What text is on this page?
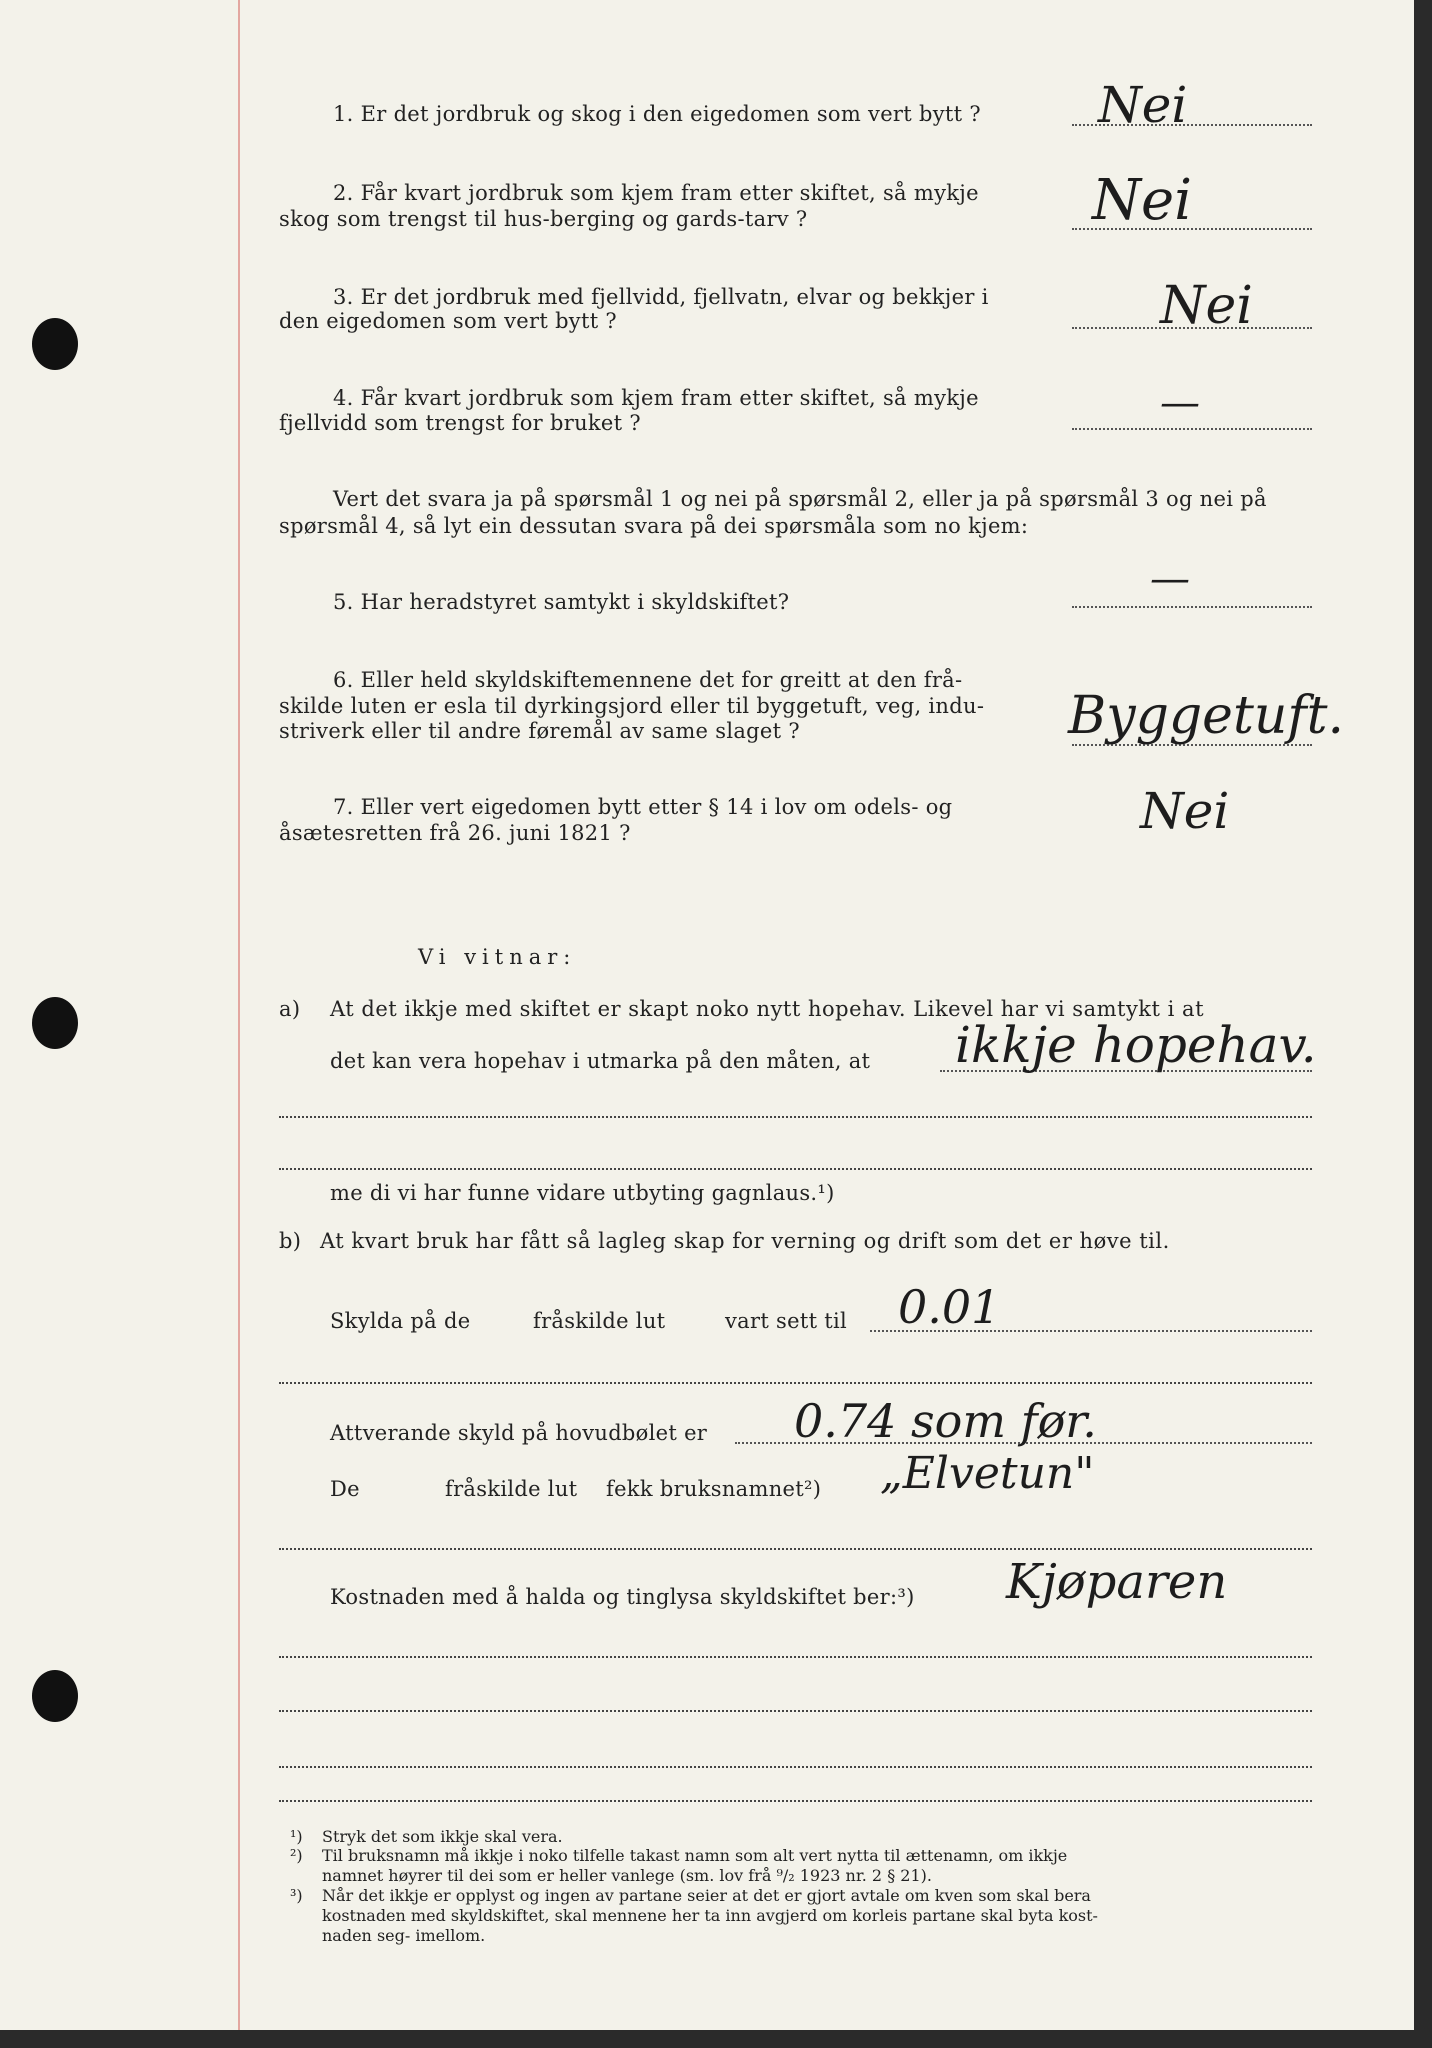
1. Er det jordbruk og skog i den eigedomen som vert bytt ? Nei
2. Får kvart jordbruk som kjem fram etter skiftet, så mykje
skog som trengst til hus-berging og gards-tarv ?	Nei
3. Er det jordbruk med fjellvidd, fjellvatn, elvar og bekkjer i
den eigedomen som vert bytt ?	Nei
4. Får kvart jordbruk som kjem fram etter skiftet, så mykje
fjellvidd som trengst for bruket ?	—
Vert det svara ja på spørsmål 1 og nei på spørsmål 2, eller ja på spørsmål 3 og nei på
spørsmål 4, så lyt ein dessutan svara på dei spørsmåla som no kjem:
5. Har heradstyret samtykt i skyldskiftet?	—
6. Eller held skyldskiftemennene det for greitt at den frå-
skilde luten er esla til dyrkingsjord eller til byggetuft, veg, indu-
striverk eller til andre føremål av same slaget ?	Byggetuft.
7. Eller vert eigedomen bytt etter § 14 i lov om odels- og
åsætesretten frå 26. juni 1821 ?	Nei
Vi vitnar:
a) At det ikkje med skiftet er skapt noko nytt hopehav. Likevel har vi samtykt i at
det kan vera hopehav i utmarka på den måten, at ikkje hopehav.
me di vi har funne vidare utbyting gagnlaus.¹)
b) At kvart bruk har fått så lagleg skap for verning og drift som det er høve til.
Skylda på de	fråskilde lut	vart sett til 0.01
Attverande skyld på hovudbølet er 0.74 som før.
De	fråskilde lut fekk bruksnamnet²) „Elvetun"
Kostnaden med å halda og tinglysa skyldskiftet ber:³) Kjøparen
¹) Stryk det som ikkje skal vera.
²) Til bruksnamn må ikkje i noko tilfelle takast namn som alt vert nytta til ættenamn, om ikkje
namnet høyrer til dei som er heller vanlege (sm. lov frå ⁹/₂ 1923 nr. 2 § 21).
³) Når det ikkje er opplyst og ingen av partane seier at det er gjort avtale om kven som skal bera
kostnaden med skyldskiftet, skal mennene her ta inn avgjerd om korleis partane skal byta kost-
naden seg- imellom.
